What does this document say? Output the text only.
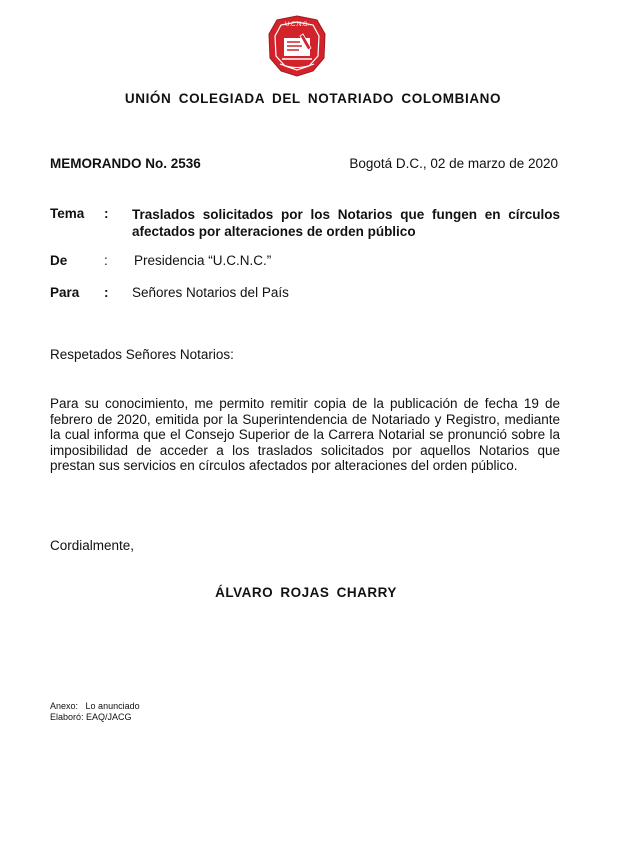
U.C.N.C.
UNIÓN COLEGIADA DEL NOTARIADO COLOMBIANO
MEMORANDO No. 2536	Bogotá D.C., 02 de marzo de 2020
Tema : Traslados solicitados por los Notarios que fungen en círculos afectados por alteraciones de orden público
De	: Presidencia “U.C.N.C.”
Para : Señores Notarios del País
Respetados Señores Notarios:
Para su conocimiento, me permito remitir copia de la publicación de fecha 19 de febrero de 2020, emitida por la Superintendencia de Notariado y Registro, mediante la cual informa que el Consejo Superior de la Carrera Notarial se pronunció sobre la imposibilidad de acceder a los traslados solicitados por aquellos Notarios que prestan sus servicios en círculos afectados por alteraciones del orden público.
Cordialmente,
ÁLVARO ROJAS CHARRY
Anexo: Lo anunciado
Elaboró: EAQ/JACG
